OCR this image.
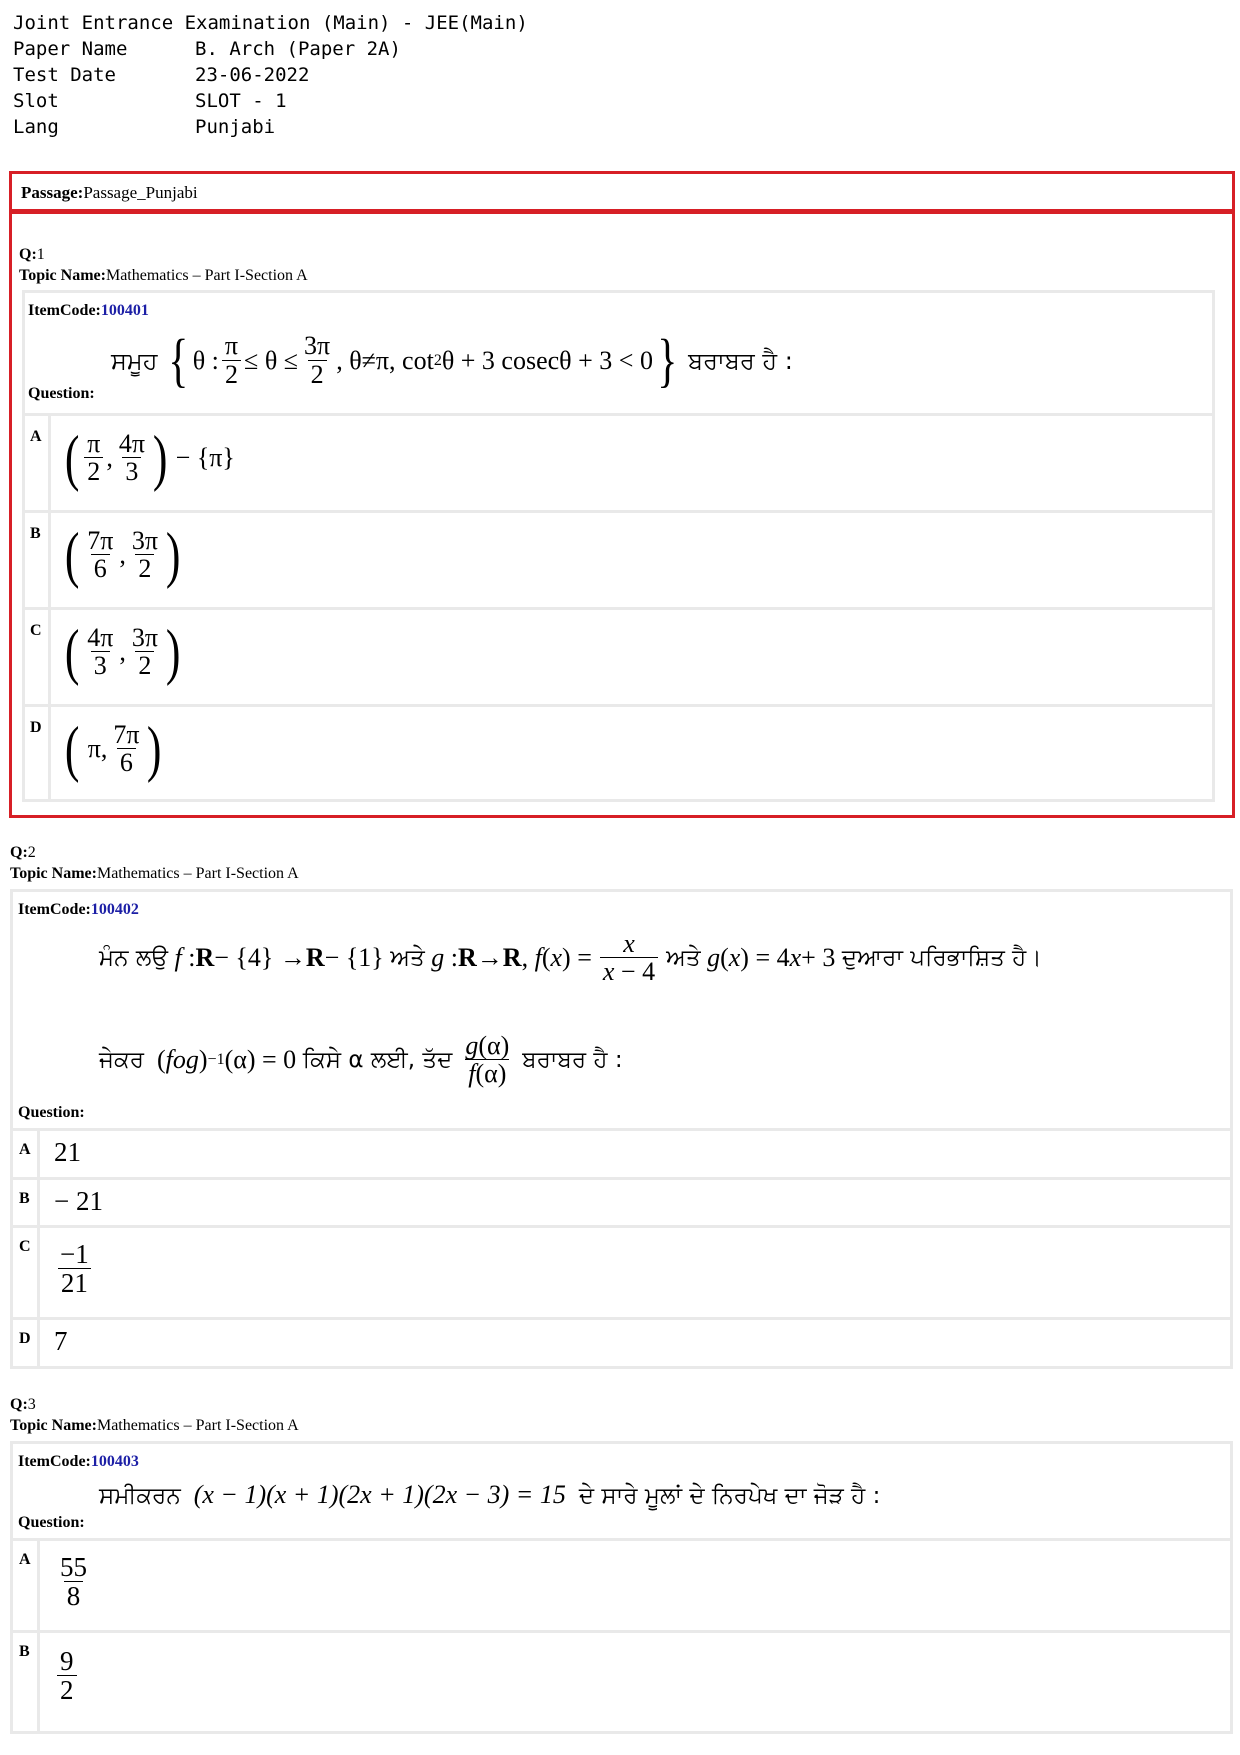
Joint Entrance Examination (Main) - JEE(Main)
Paper Name	B. Arch (Paper 2A)
Test Date	23-06-2022
Slot	SLOT - 1
Lang	Punjabi
Passage:Passage_Punjabi
Q:1
Topic Name:Mathematics – Part I-Section A
ItemCode:100401
Question:
ਸਮੂਹ
{ θ : $\frac{\pi}{2} \le \theta \le \frac{3\pi}{2}$ , θ≠π, cot 2 θ + 3 cosecθ + 3 < 0 }
ਬਰਾਬਰ ਹੈ :
A ( $\frac{\pi}{2}$ , $\frac{4\pi}{3}$ ) − {π}
B ( $\frac{7\pi}{6}$ , $\frac{3\pi}{2}$ )
C ( $\frac{4\pi}{3}$ , $\frac{3\pi}{2}$ )
D ( π, $\frac{7\pi}{6}$ )
Q:2
Topic Name:Mathematics – Part I-Section A
ItemCode:100402
ਮੰਨ ਲਉ
f : R − {4} → R − {1} ਅਤੇ
g : R → R , f ( x ) = $\frac{x}{x - 4}$ ਅਤੇ
g ( x ) = 4 x + 3 ਦੁਆਰਾ ਪਰਿਭਾਸ਼ਿਤ ਹੈ।
ਜੇਕਰ ( fog ) −1 (α) = 0 ਕਿਸੇ α ਲਈ, ਤੱਦ $\frac{g(\alpha)}{f(\alpha)}$ ਬਰਾਬਰ ਹੈ :
Question:
A 21
B − 21
C $\frac{-1}{21}$
D 7
Q:3
Topic Name:Mathematics – Part I-Section A
ItemCode:100403
ਸਮੀਕਰਨ (x − 1)(x + 1)(2x + 1)(2x − 3) = 15 ਦੇ ਸਾਰੇ ਮੂਲਾਂ ਦੇ ਨਿਰਪੇਖ ਦਾ ਜੋੜ ਹੈ :
Question:
A $\frac{55}{8}$
B $\frac{9}{2}$
